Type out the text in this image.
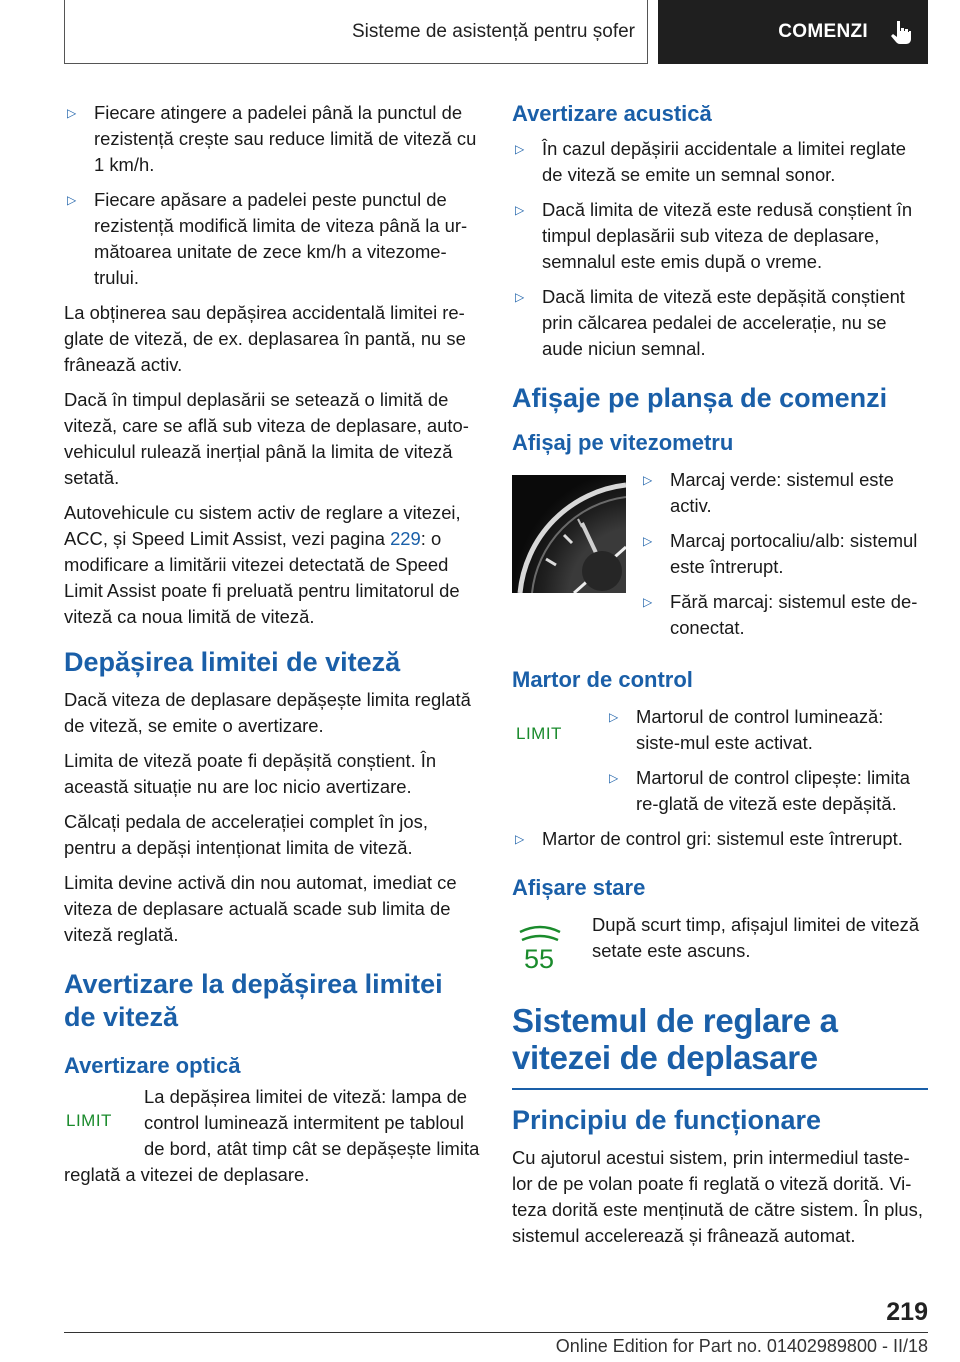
Sisteme de asistență pentru șofer	COMENZI
▷ Fiecare atingere a padelei până la punctul de rezistență crește sau reduce limită de viteză cu 1 km/h.
▷ Fiecare apăsare a padelei peste punctul de rezistență modifică limita de viteza până la ur‐mătoarea unitate de zece km/h a vitezome‐trului.

La obținerea sau depășirea accidentală limitei re‐glate de viteză, de ex. deplasarea în pantă, nu se frânează activ.

Dacă în timpul deplasării se setează o limită de viteză, care se află sub viteza de deplasare, auto‐vehiculul rulează inerțial până la limita de viteză setată.

Autovehicule cu sistem activ de reglare a vitezei, ACC, și Speed Limit Assist, vezi pagina 229: o modificare a limitării vitezei detectată de Speed Limit Assist poate fi preluată pentru limitatorul de viteză ca noua limită de viteză.

Depășirea limitei de viteză

Dacă viteza de deplasare depășește limita reglată de viteză, se emite o avertizare.

Limita de viteză poate fi depășită conștient. În această situație nu are loc nicio avertizare.

Călcați pedala de accelerației complet în jos, pentru a depăși intenționat limita de viteză.

Limita devine activă din nou automat, imediat ce viteza de deplasare actuală scade sub limita de viteză reglată.

Avertizare la depășirea limitei de viteză
Avertizare optică

LIMIT
La depășirea limitei de viteză: lampa de control luminează intermitent pe tabloul de bord, atât timp cât se depășește limita reglată a vitezei de deplasare.

Avertizare acustică
▷ În cazul depășirii accidentale a limitei reglate de viteză se emite un semnal sonor.
▷ Dacă limita de viteză este redusă conștient în timpul deplasării sub viteza de deplasare, semnalul este emis după o vreme.
▷ Dacă limita de viteză este depășită conștient prin călcarea pedalei de accelerație, nu se aude niciun semnal.
Afișaje pe planșa de comenzi
Afișaj pe vitezometru
▷ Marcaj verde: sistemul este activ.
▷ Marcaj portocaliu/alb: sistemul este întrerupt.
▷ Fără marcaj: sistemul este de‐conectat.
Martor de control
LIMIT
▷ Martorul de control luminează: siste‐mul este activat.
▷ Martorul de control clipește: limita re‐glată de viteză este depășită.
▷ Martor de control gri: sistemul este întrerupt.
Afișare stare
55

După scurt timp, afișajul limitei de viteză setate este ascuns.

Sistemul de reglare a vitezei de deplasare
Principiu de funcționare

Cu ajutorul acestui sistem, prin intermediul taste‐lor de pe volan poate fi reglată o viteză dorită. Vi‐teza dorită este menținută de către sistem. În plus, sistemul accelerează și frânează automat.

219
Online Edition for Part no. 01402989800 - II/18
